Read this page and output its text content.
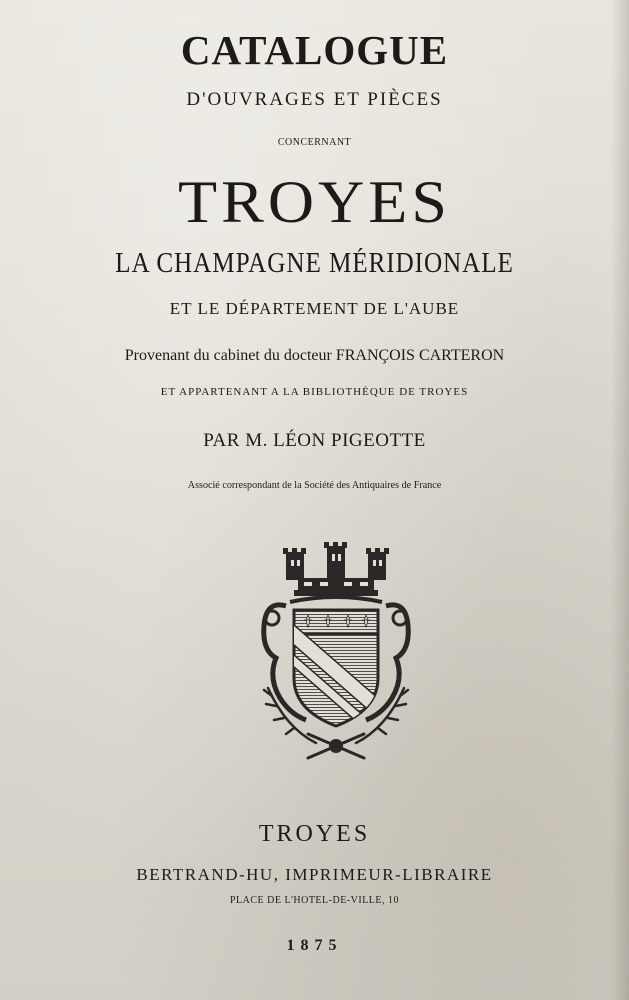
CATALOGUE
D'OUVRAGES ET PIÈCES
CONCERNANT
TROYES
LA CHAMPAGNE MÉRIDIONALE
ET LE DÉPARTEMENT DE L'AUBE
Provenant du cabinet du docteur FRANÇOIS CARTERON
ET APPARTENANT A LA BIBLIOTHÈQUE DE TROYES
PAR M. LÉON PIGEOTTE
Associé correspondant de la Société des Antiquaires de France
TROYES
BERTRAND-HU, IMPRIMEUR-LIBRAIRE
PLACE DE L'HOTEL-DE-VILLE, 10
1875
